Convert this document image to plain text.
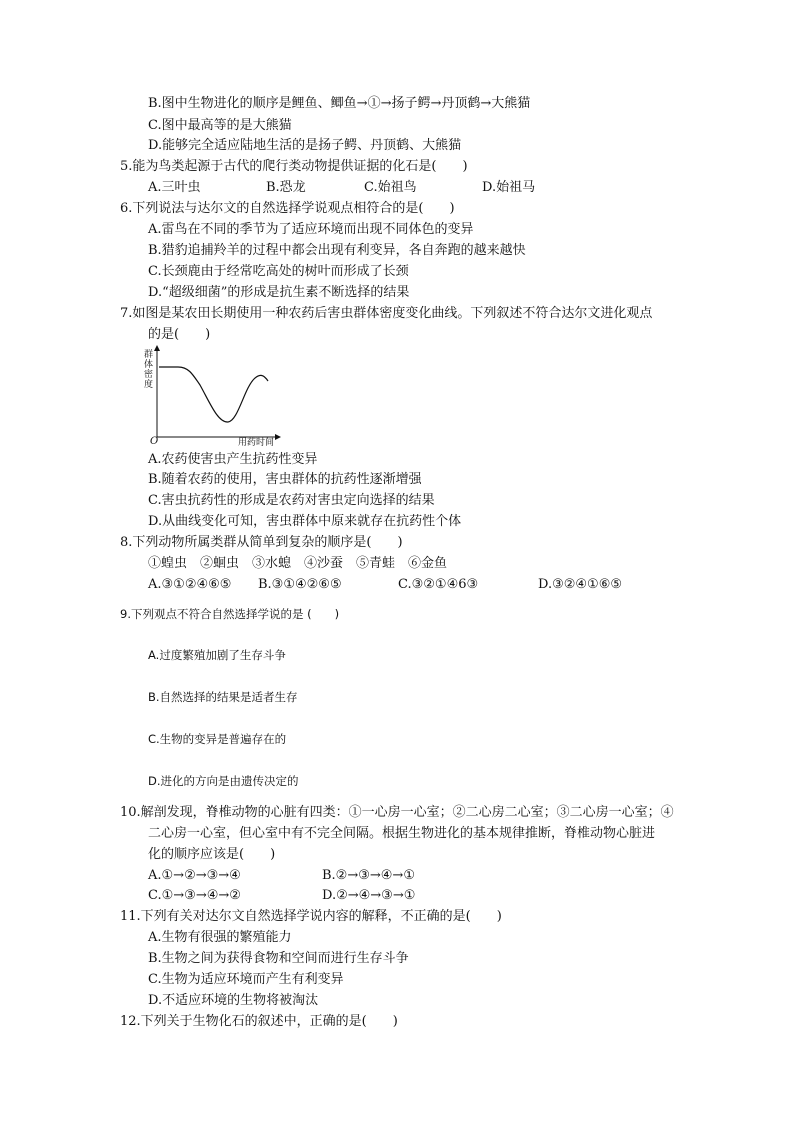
B.图中生物进化的顺序是鲤鱼、鲫鱼→①→扬子鳄→丹顶鹤→大熊猫
C.图中最高等的是大熊猫
D.能够完全适应陆地生活的是扬子鳄、丹顶鹤、大熊猫
5.能为鸟类起源于古代的爬行类动物提供证据的化石是(　　)
A.三叶虫	B.恐龙	C.始祖鸟	D.始祖马
6.下列说法与达尔文的自然选择学说观点相符合的是(　　)
A.雷鸟在不同的季节为了适应环境而出现不同体色的变异
B.猎豹追捕羚羊的过程中都会出现有利变异，各自奔跑的越来越快
C.长颈鹿由于经常吃高处的树叶而形成了长颈
D.“超级细菌”的形成是抗生素不断选择的结果
7.如图是某农田长期使用一种农药后害虫群体密度变化曲线。下列叙述不符合达尔文进化观点
的是(　　)
群
体
密
度
O	用药时间
A.农药使害虫产生抗药性变异
B.随着农药的使用，害虫群体的抗药性逐渐增强
C.害虫抗药性的形成是农药对害虫定向选择的结果
D.从曲线变化可知，害虫群体中原来就存在抗药性个体
8.下列动物所属类群从简单到复杂的顺序是(　　)
①蝗虫　②蛔虫　③水螅　④沙蚕　⑤青蛙　⑥金鱼
A.③①②④⑥⑤ B.③①④②⑥⑤	C.③②①④6③	D.③②④①⑥⑤
9.下列观点不符合自然选择学说的是 (　　)
A.过度繁殖加剧了生存斗争
B.自然选择的结果是适者生存
C.生物的变异是普遍存在的
D.进化的方向是由遗传决定的
10.解剖发现，脊椎动物的心脏有四类：①一心房一心室；②二心房二心室；③二心房一心室；④
二心房一心室，但心室中有不完全间隔。根据生物进化的基本规律推断，脊椎动物心脏进
化的顺序应该是(　　)
A.①→②→③→④	B.②→③→④→①
C.①→③→④→②	D.②→④→③→①
11.下列有关对达尔文自然选择学说内容的解释，不正确的是(　　)
A.生物有很强的繁殖能力
B.生物之间为获得食物和空间而进行生存斗争
C.生物为适应环境而产生有利变异
D.不适应环境的生物将被淘汰
12.下列关于生物化石的叙述中，正确的是(　　)
